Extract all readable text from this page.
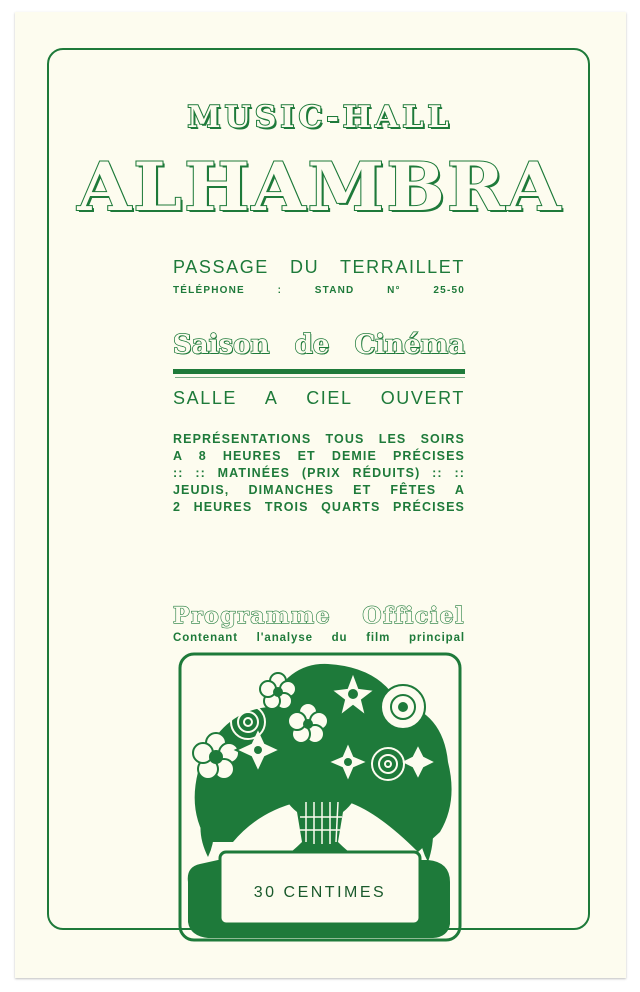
MUSIC-HALL
ALHAMBRA
PASSAGE DU TERRAILLET
TÉLÉPHONE : STAND N° 25-50
Saison de Cinéma
SALLE A CIEL OUVERT
REPRÉSENTATIONS TOUS LES SOIRS
A 8 HEURES ET DEMIE PRÉCISES
:: :: MATINÉES (PRIX RÉDUITS) :: ::
JEUDIS, DIMANCHES ET FÊTES A
2 HEURES TROIS QUARTS PRÉCISES
Programme Officiel
Contenant l'analyse du film principal
30 CENTIMES
